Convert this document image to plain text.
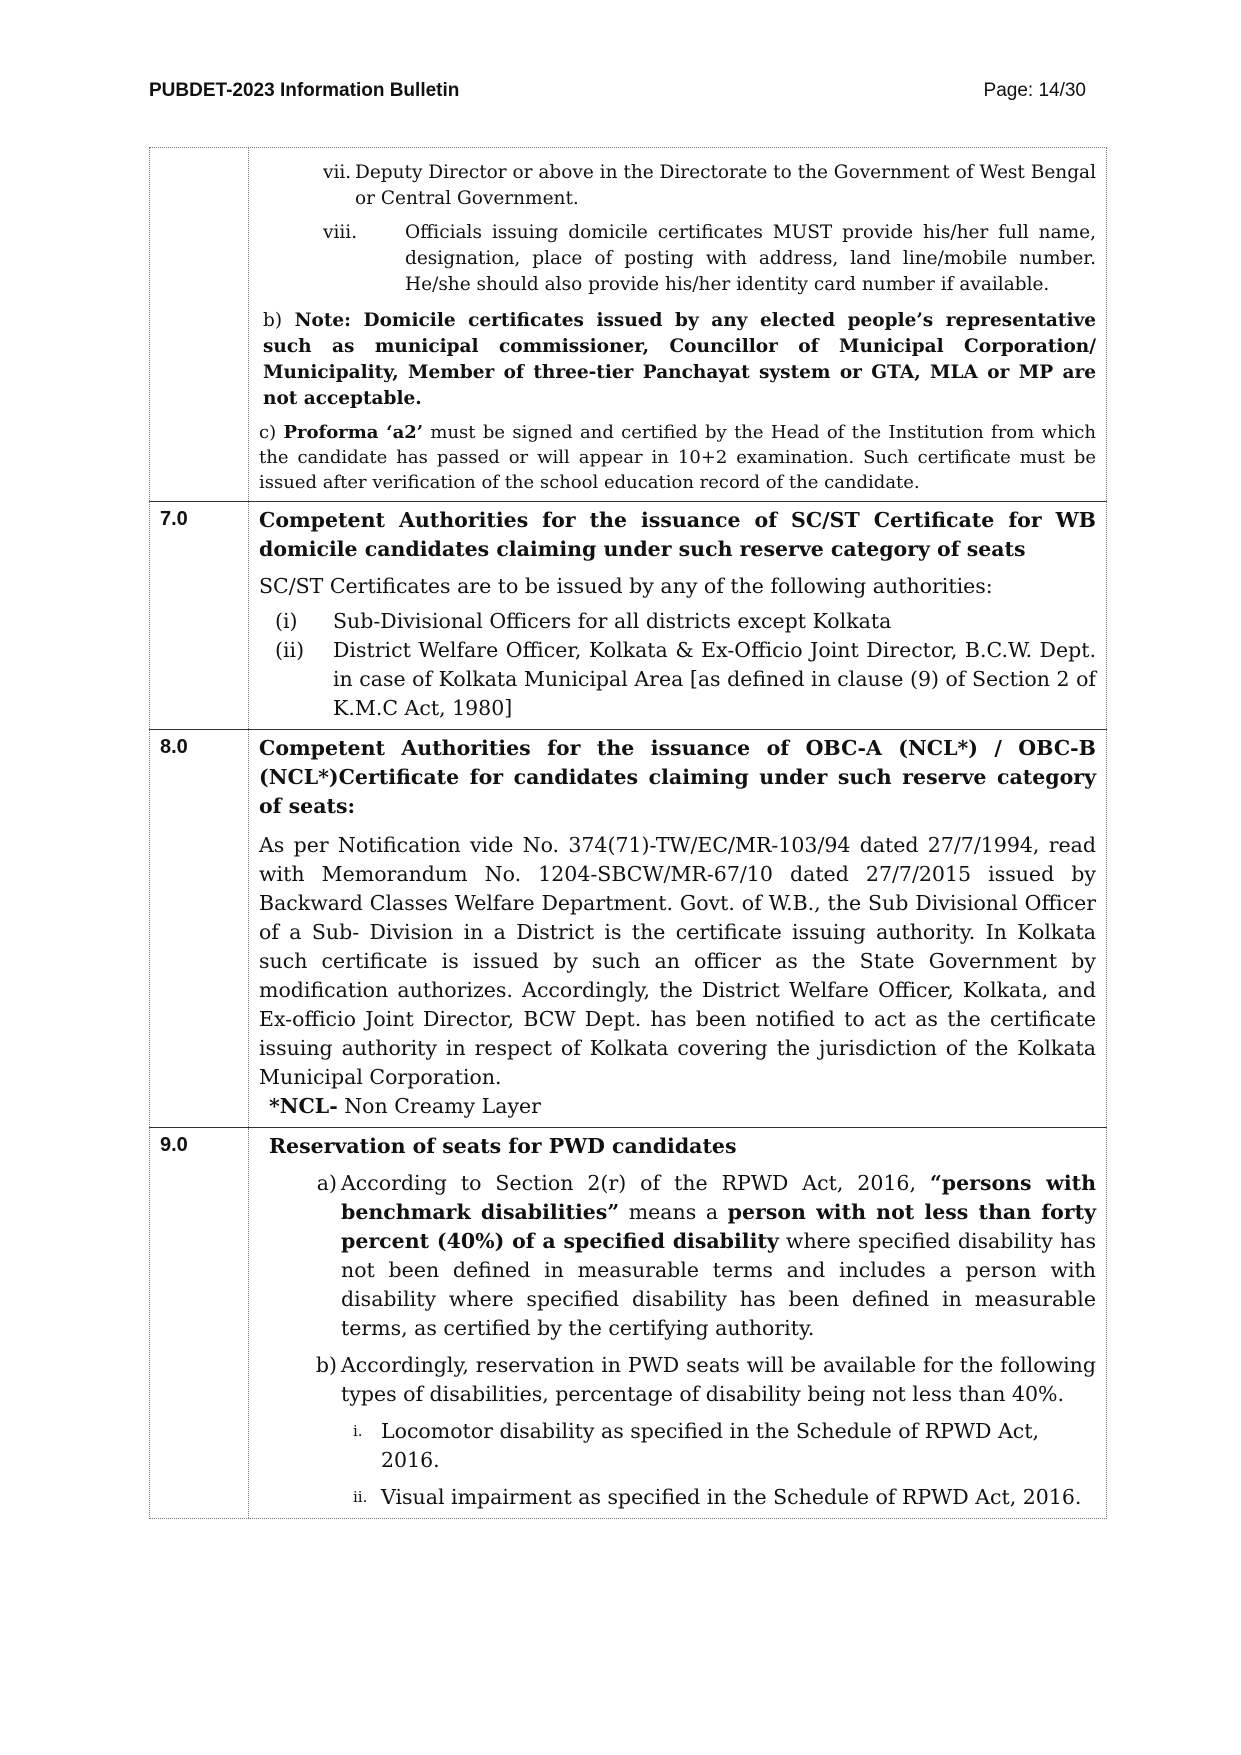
PUBDET-2023 Information Bulletin	Page: 14/30
vii. Deputy Director or above in the Directorate to the Government of West Bengal or Central Government.
viii.	Officials issuing domicile certificates MUST provide his/her full name, designation, place of posting with address, land line/mobile number. He/she should also provide his/her identity card number if available.

b) Note: Domicile certificates issued by any elected people’s representative such as municipal commissioner, Councillor of Municipal Corporation/ Municipality, Member of three-tier Panchayat system or GTA, MLA or MP are not acceptable.

c) Proforma ‘a2’ must be signed and certified by the Head of the Institution from which the candidate has passed or will appear in 10+2 examination. Such certificate must be issued after verification of the school education record of the candidate.

7.0	Competent Authorities for the issuance of SC/ST Certificate for WB domicile candidates claiming under such reserve category of seats

SC/ST Certificates are to be issued by any of the following authorities:

(i)	Sub-Divisional Officers for all districts except Kolkata
(ii)	District Welfare Officer, Kolkata & Ex-Officio Joint Director, B.C.W. Dept. in case of Kolkata Municipal Area [as defined in clause (9) of Section 2 of K.M.C Act, 1980]
8.0	Competent Authorities for the issuance of OBC-A (NCL*) / OBC-B (NCL*)Certificate for candidates claiming under such reserve category of seats:

As per Notification vide No. 374(71)-TW/EC/MR-103/94 dated 27/7/1994, read with Memorandum No. 1204-SBCW/MR-67/10 dated 27/7/2015 issued by Backward Classes Welfare Department. Govt. of W.B., the Sub Divisional Officer of a Sub- Division in a District is the certificate issuing authority. In Kolkata such certificate is issued by such an officer as the State Government by modification authorizes. Accordingly, the District Welfare Officer, Kolkata, and Ex-officio Joint Director, BCW Dept. has been notified to act as the certificate issuing authority in respect of Kolkata covering the jurisdiction of the Kolkata Municipal Corporation.

*NCL- Non Creamy Layer

9.0	Reservation of seats for PWD candidates

a) According to Section 2(r) of the RPWD Act, 2016, “persons with benchmark disabilities” means a person with not less than forty percent (40%) of a specified disability where specified disability has not been defined in measurable terms and includes a person with disability where specified disability has been defined in measurable terms, as certified by the certifying authority.
b) Accordingly, reservation in PWD seats will be available for the following types of disabilities, percentage of disability being not less than 40%.
i. Locomotor disability as specified in the Schedule of RPWD Act, 2016.
ii. Visual impairment as specified in the Schedule of RPWD Act, 2016.
